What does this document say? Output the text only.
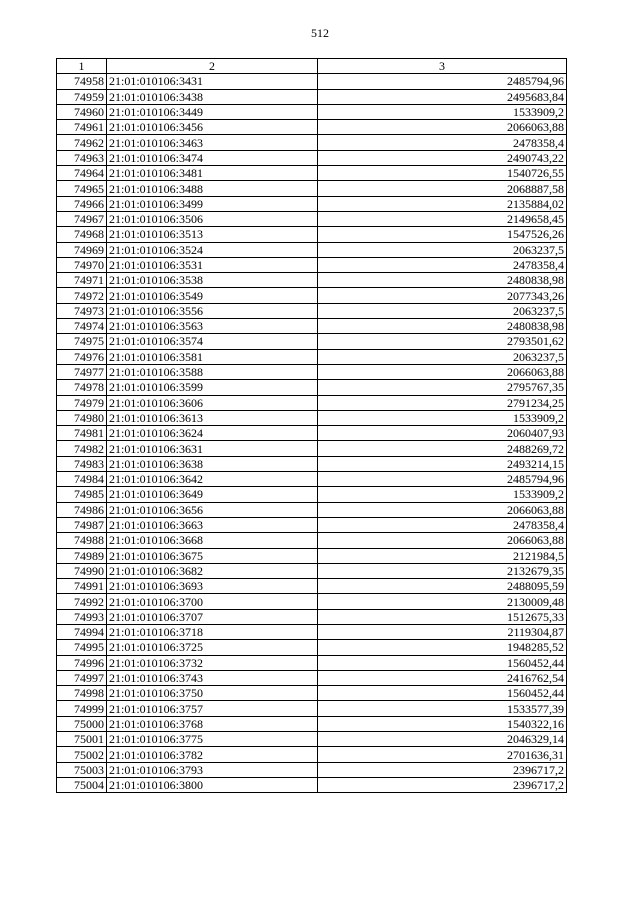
512
1	2	3
74958	21:01:010106:3431	2485794,96
74959	21:01:010106:3438	2495683,84
74960	21:01:010106:3449	1533909,2
74961	21:01:010106:3456	2066063,88
74962	21:01:010106:3463	2478358,4
74963	21:01:010106:3474	2490743,22
74964	21:01:010106:3481	1540726,55
74965	21:01:010106:3488	2068887,58
74966	21:01:010106:3499	2135884,02
74967	21:01:010106:3506	2149658,45
74968	21:01:010106:3513	1547526,26
74969	21:01:010106:3524	2063237,5
74970	21:01:010106:3531	2478358,4
74971	21:01:010106:3538	2480838,98
74972	21:01:010106:3549	2077343,26
74973	21:01:010106:3556	2063237,5
74974	21:01:010106:3563	2480838,98
74975	21:01:010106:3574	2793501,62
74976	21:01:010106:3581	2063237,5
74977	21:01:010106:3588	2066063,88
74978	21:01:010106:3599	2795767,35
74979	21:01:010106:3606	2791234,25
74980	21:01:010106:3613	1533909,2
74981	21:01:010106:3624	2060407,93
74982	21:01:010106:3631	2488269,72
74983	21:01:010106:3638	2493214,15
74984	21:01:010106:3642	2485794,96
74985	21:01:010106:3649	1533909,2
74986	21:01:010106:3656	2066063,88
74987	21:01:010106:3663	2478358,4
74988	21:01:010106:3668	2066063,88
74989	21:01:010106:3675	2121984,5
74990	21:01:010106:3682	2132679,35
74991	21:01:010106:3693	2488095,59
74992	21:01:010106:3700	2130009,48
74993	21:01:010106:3707	1512675,33
74994	21:01:010106:3718	2119304,87
74995	21:01:010106:3725	1948285,52
74996	21:01:010106:3732	1560452,44
74997	21:01:010106:3743	2416762,54
74998	21:01:010106:3750	1560452,44
74999	21:01:010106:3757	1533577,39
75000	21:01:010106:3768	1540322,16
75001	21:01:010106:3775	2046329,14
75002	21:01:010106:3782	2701636,31
75003	21:01:010106:3793	2396717,2
75004	21:01:010106:3800	2396717,2
